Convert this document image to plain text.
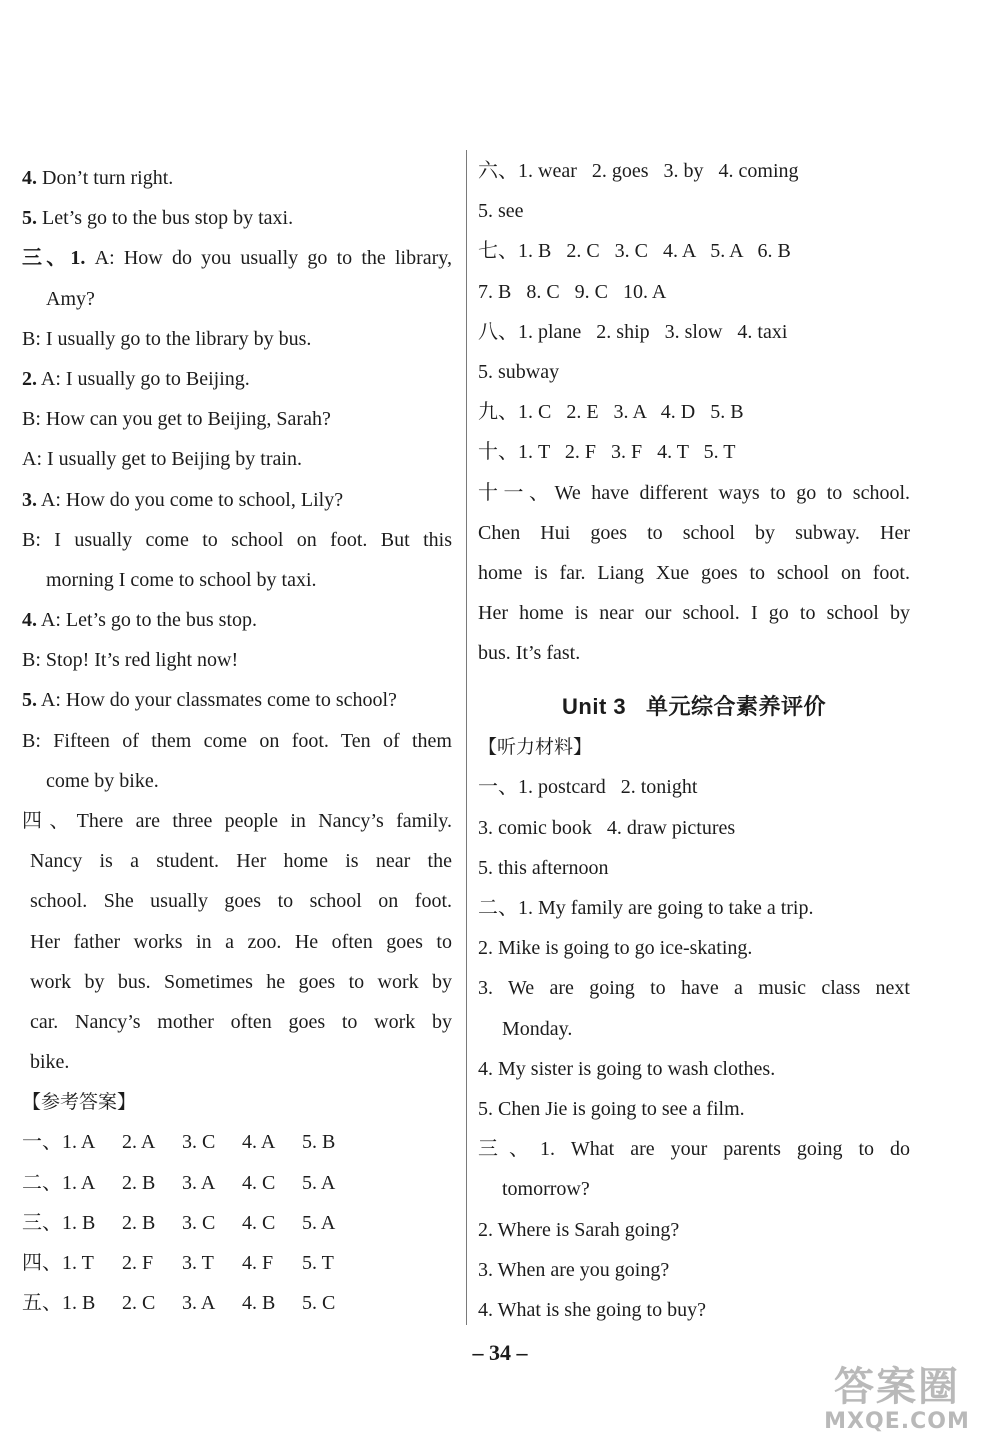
4. Don’t turn right.
5. Let’s go to the bus stop by taxi.
三、1. A: How do you usually go to the library,
Amy?
B: I usually go to the library by bus.
2. A: I usually go to Beijing.
B: How can you get to Beijing, Sarah?
A: I usually get to Beijing by train.
3. A: How do you come to school, Lily?
B: I usually come to school on foot. But this
morning I come to school by taxi.
4. A: Let’s go to the bus stop.
B: Stop! It’s red light now!
5. A: How do your classmates come to school?
B: Fifteen of them come on foot. Ten of them
come by bike.
四、There are three people in Nancy’s family.
Nancy is a student. Her home is near the
school. She usually goes to school on foot.
Her father works in a zoo. He often goes to
work by bus. Sometimes he goes to work by
car. Nancy’s mother often goes to work by
bike.
【参考答案】
一、 1. A	2. A	3. C	4. A	5. B
二、 1. A	2. B	3. A	4. C	5. A
三、 1. B	2. B	3. C	4. C	5. A
四、 1. T	2. F	3. T	4. F	5. T
五、 1. B	2. C	3. A	4. B	5. C
六、1. wear   2. goes   3. by   4. coming
5. see
七、1. B   2. C   3. C   4. A   5. A   6. B
7. B   8. C   9. C   10. A
八、1. plane   2. ship   3. slow   4. taxi
5. subway
九、1. C   2. E   3. A   4. D   5. B
十、1. T   2. F   3. F   4. T   5. T
十一、We have different ways to go to school.
Chen Hui goes to school by subway. Her
home is far. Liang Xue goes to school on foot.
Her home is near our school. I go to school by
bus. It’s fast.
Unit 3   单元综合素养评价
【听力材料】
一、1. postcard   2. tonight
3. comic book   4. draw pictures
5. this afternoon
二、1. My family are going to take a trip.
2. Mike is going to go ice-skating.
3. We are going to have a music class next
Monday.
4. My sister is going to wash clothes.
5. Chen Jie is going to see a film.
三、1. What are your parents going to do
tomorrow?
2. Where is Sarah going?
3. When are you going?
4. What is she going to buy?
– 34 –
答案圈
MXQE.COM
